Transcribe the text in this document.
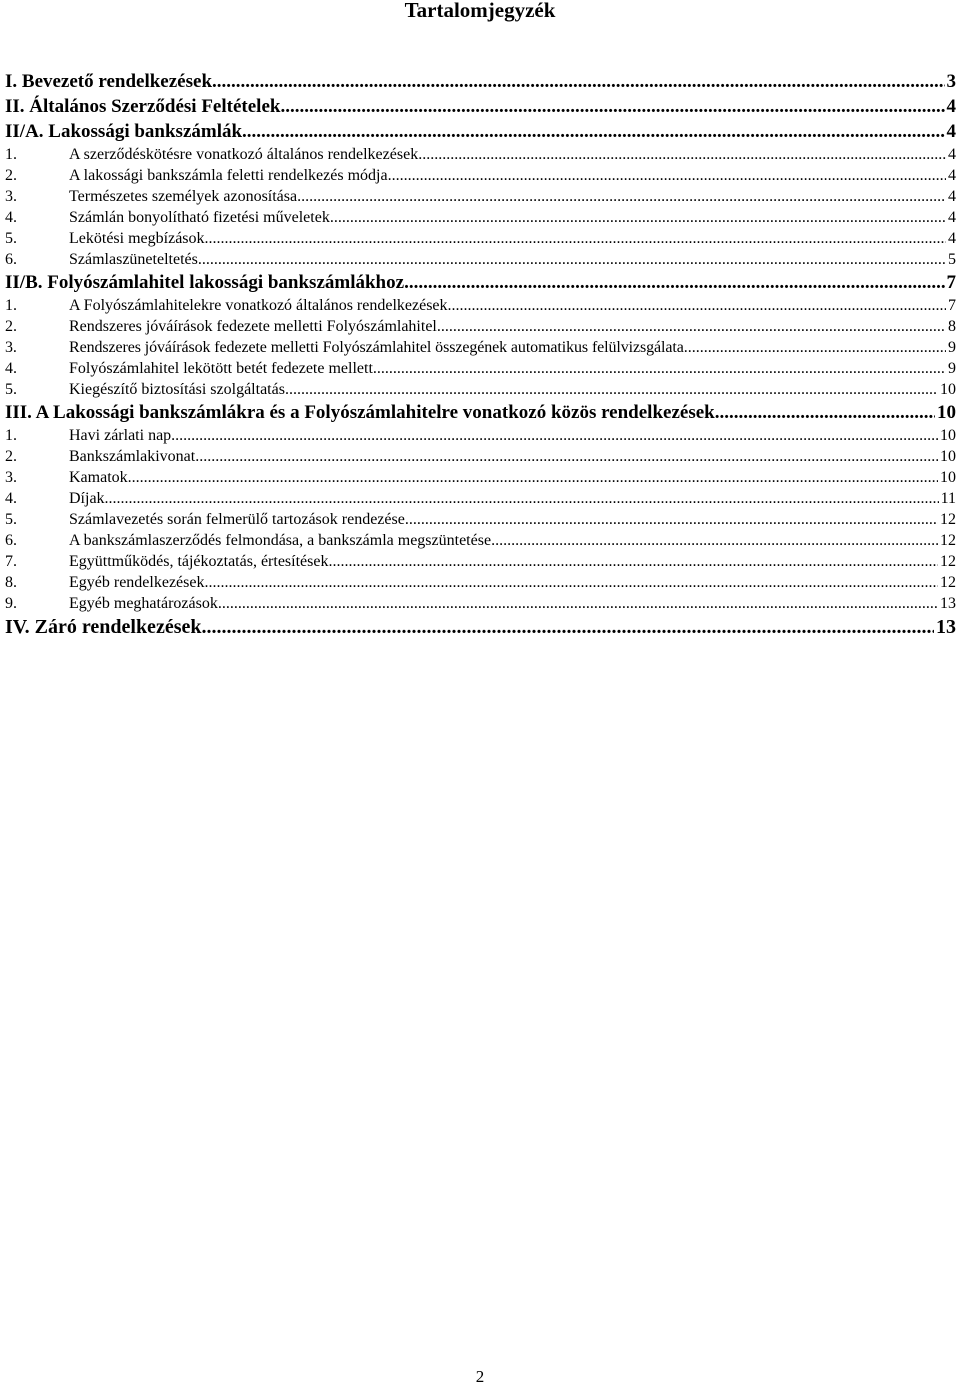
Tartalomjegyzék
I. Bevezető rendelkezések .....	3
II. Általános Szerződési Feltételek .....	4
II/A. Lakossági bankszámlák .....	4
1.	A szerződéskötésre vonatkozó általános rendelkezések .....	4
2.	A lakossági bankszámla feletti rendelkezés módja .....	4
3.	Természetes személyek azonosítása .....	4
4.	Számlán bonyolítható fizetési műveletek .....	4
5.	Lekötési megbízások .....	4
6.	Számlaszüneteltetés .....	5
II/B. Folyószámlahitel lakossági bankszámlákhoz .....	7
1.	A Folyószámlahitelekre vonatkozó általános rendelkezések .....	7
2.	Rendszeres jóváírások fedezete melletti Folyószámlahitel .....	8
3.	Rendszeres jóváírások fedezete melletti Folyószámlahitel összegének automatikus felülvizsgálata .....	9
4.	Folyószámlahitel lekötött betét fedezete mellett .....	9
5.	Kiegészítő biztosítási szolgáltatás .....	10
III. A Lakossági bankszámlákra és a Folyószámlahitelre vonatkozó közös rendelkezések .....	10
1.	Havi zárlati nap .....	10
2.	Bankszámlakivonat .....	10
3.	Kamatok .....	10
4.	Díjak .....	11
5.	Számlavezetés során felmerülő tartozások rendezése .....	12
6.	A bankszámlaszerződés felmondása, a bankszámla megszüntetése .....	12
7.	Együttműködés, tájékoztatás, értesítések .....	12
8.	Egyéb rendelkezések .....	12
9.	Egyéb meghatározások .....	13
IV. Záró rendelkezések .....	13
2
